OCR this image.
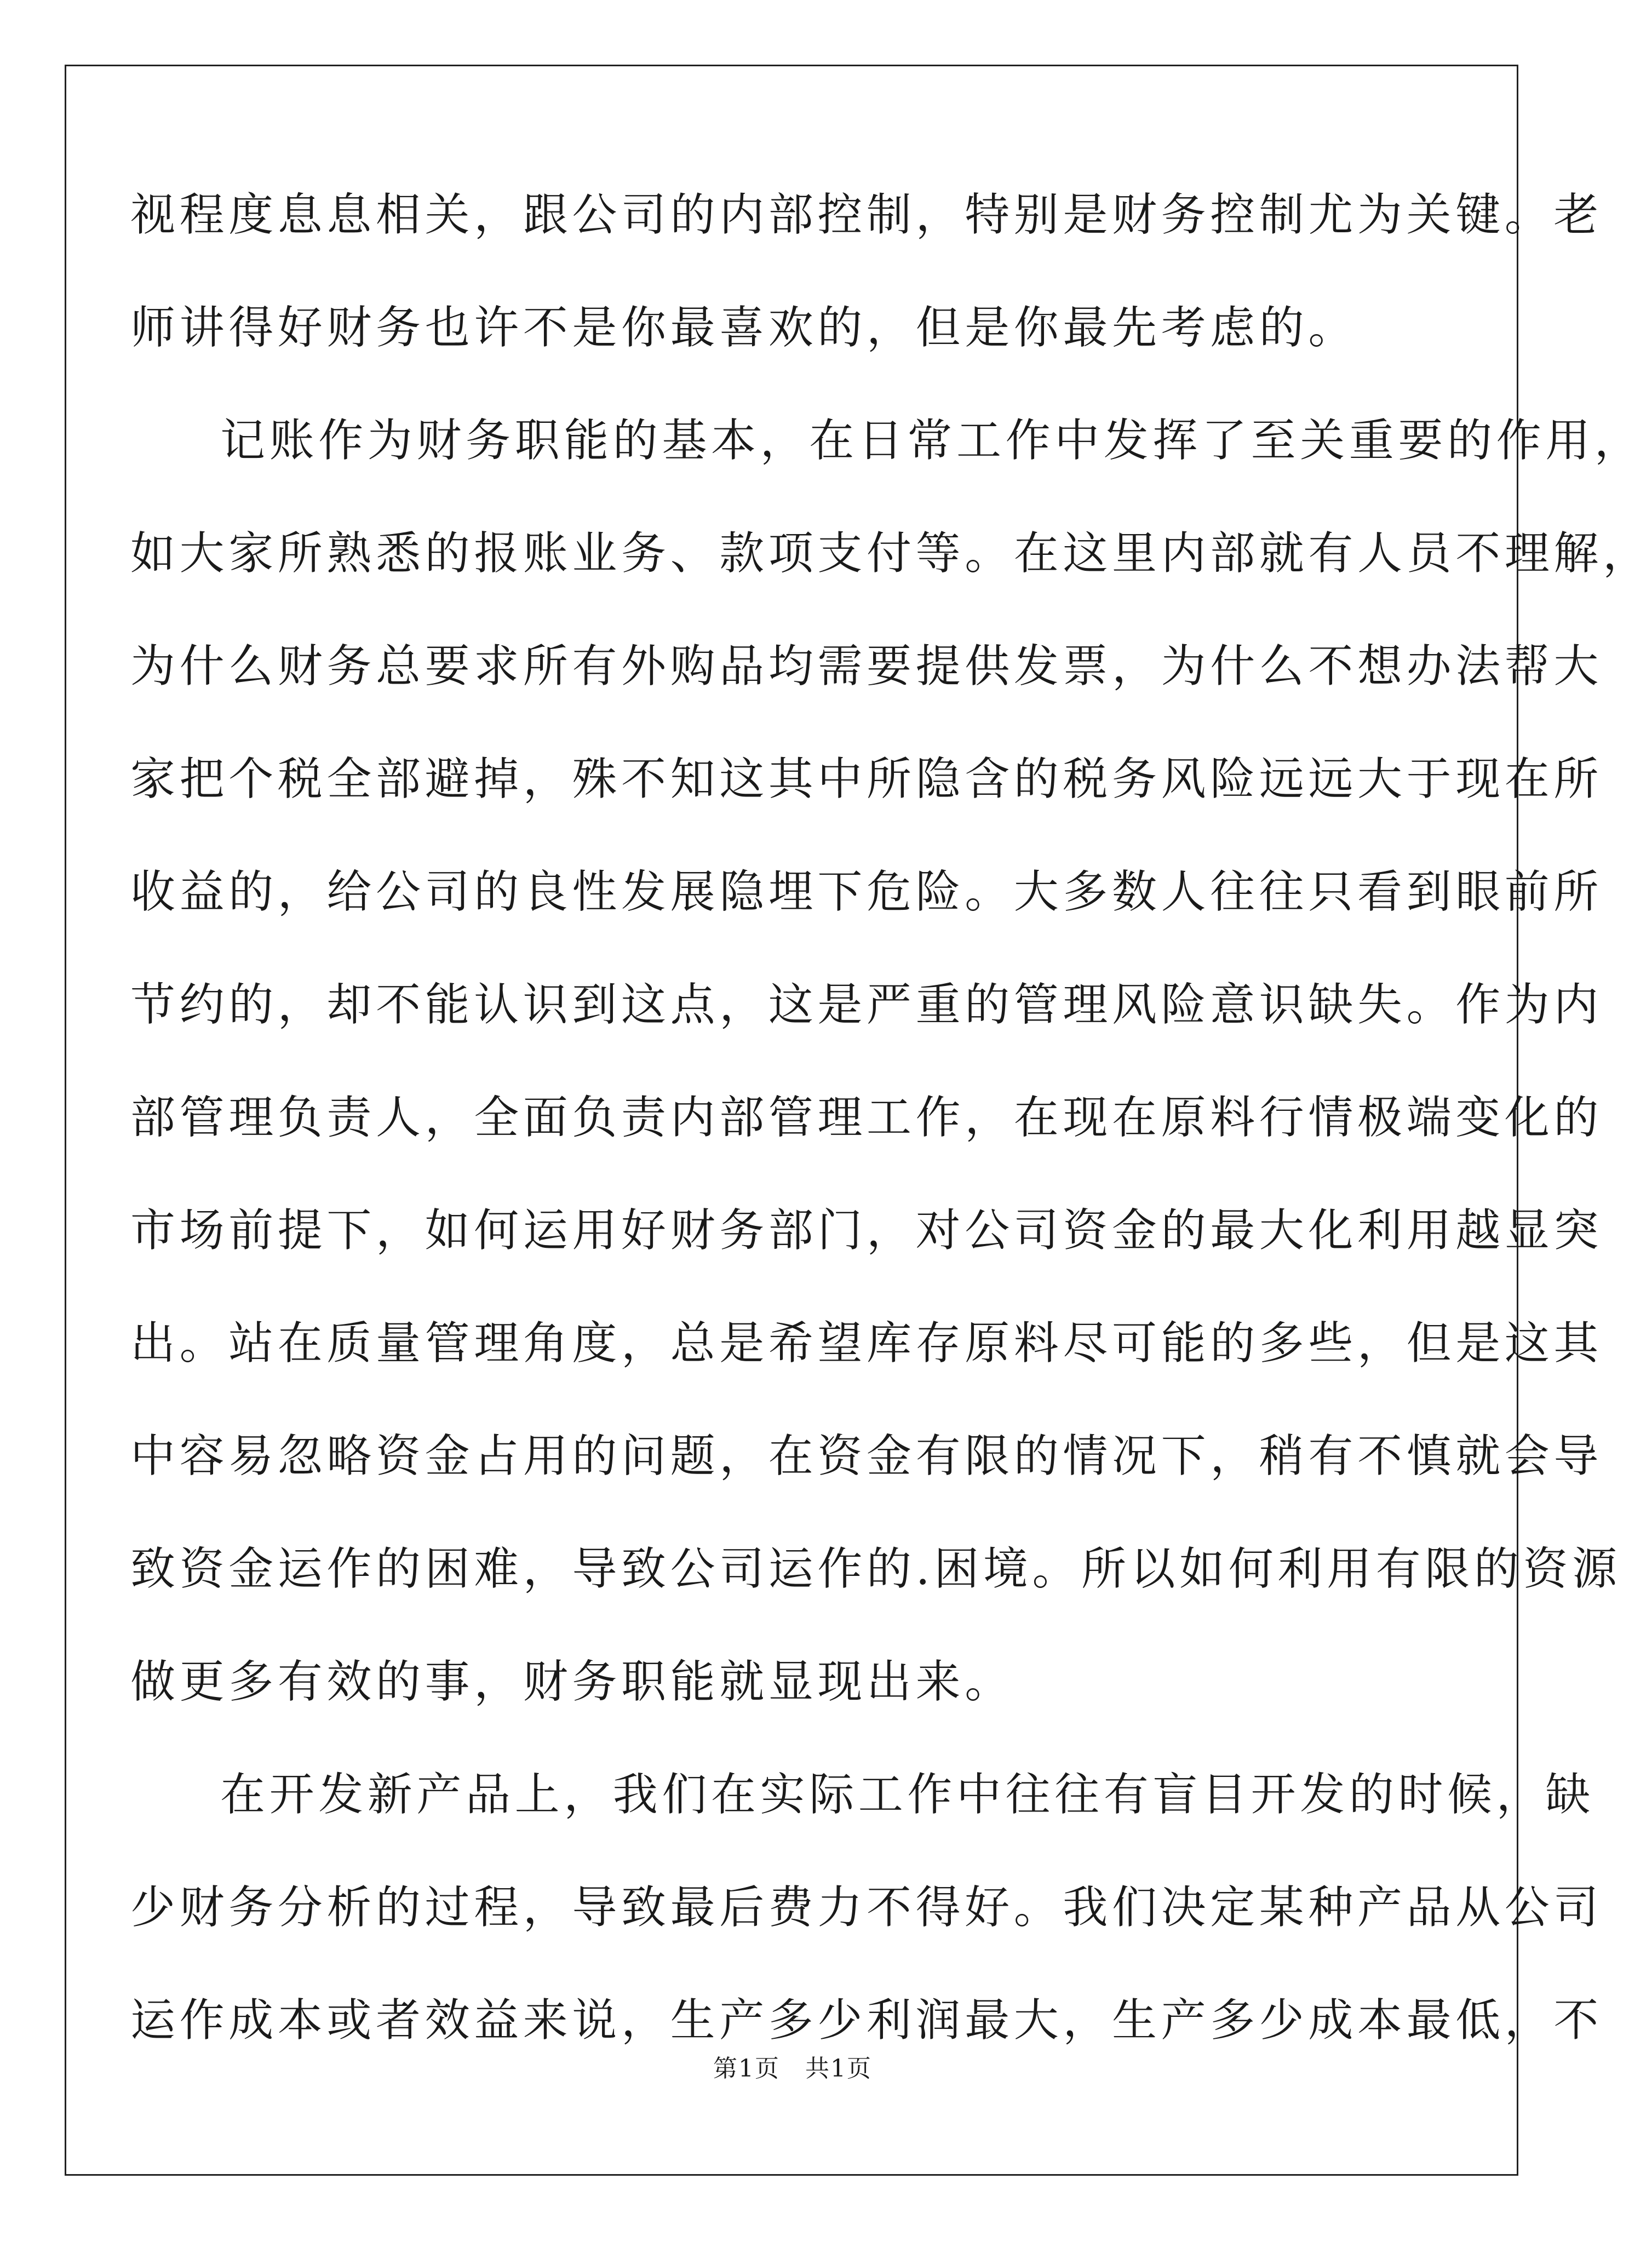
视程度息息相关，跟公司的内部控制，特别是财务控制尤为关键。老
师讲得好财务也许不是你最喜欢的，但是你最先考虑的。
记账作为财务职能的基本，在日常工作中发挥了至关重要的作用，
如大家所熟悉的报账业务、款项支付等。在这里内部就有人员不理解，
为什么财务总要求所有外购品均需要提供发票，为什么不想办法帮大
家把个税全部避掉，殊不知这其中所隐含的税务风险远远大于现在所
收益的，给公司的良性发展隐埋下危险。大多数人往往只看到眼前所
节约的，却不能认识到这点，这是严重的管理风险意识缺失。作为内
部管理负责人，全面负责内部管理工作，在现在原料行情极端变化的
市场前提下，如何运用好财务部门，对公司资金的最大化利用越显突
出。站在质量管理角度，总是希望库存原料尽可能的多些，但是这其
中容易忽略资金占用的问题，在资金有限的情况下，稍有不慎就会导
致资金运作的困难，导致公司运作的.困境。所以如何利用有限的资源
做更多有效的事，财务职能就显现出来。
在开发新产品上，我们在实际工作中往往有盲目开发的时候，缺
少财务分析的过程，导致最后费力不得好。我们决定某种产品从公司
运作成本或者效益来说，生产多少利润最大，生产多少成本最低，不
第1页　共1页
